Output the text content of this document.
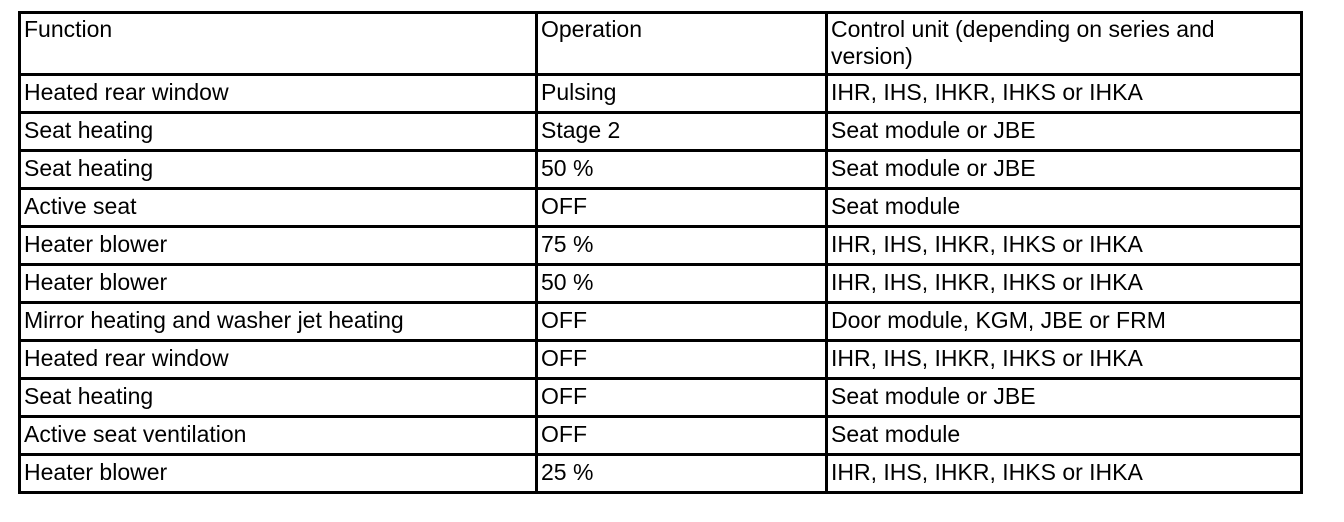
Function	Operation	Control unit (depending on series and version)
Heated rear window	Pulsing	IHR, IHS, IHKR, IHKS or IHKA
Seat heating	Stage 2	Seat module or JBE
Seat heating	50 %	Seat module or JBE
Active seat	OFF	Seat module
Heater blower	75 %	IHR, IHS, IHKR, IHKS or IHKA
Heater blower	50 %	IHR, IHS, IHKR, IHKS or IHKA
Mirror heating and washer jet heating	OFF	Door module, KGM, JBE or FRM
Heated rear window	OFF	IHR, IHS, IHKR, IHKS or IHKA
Seat heating	OFF	Seat module or JBE
Active seat ventilation	OFF	Seat module
Heater blower	25 %	IHR, IHS, IHKR, IHKS or IHKA
